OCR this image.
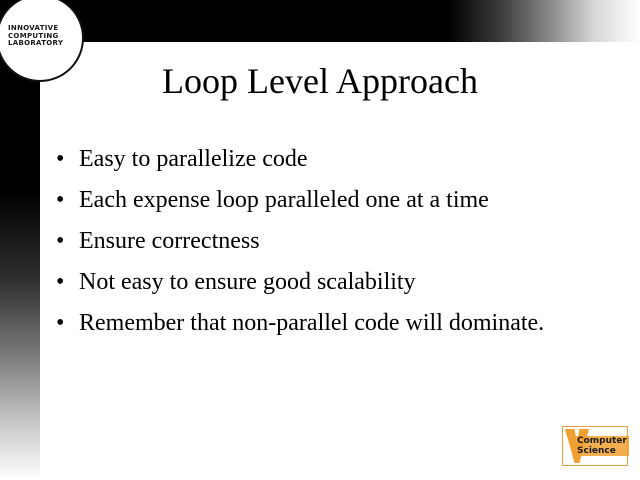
INNOVATIVE
COMPUTING
LABORATORY
Loop Level Approach
• Easy to parallelize code
• Each expense loop paralleled one at a time
• Ensure correctness
• Not easy to ensure good scalability
• Remember that non-parallel code will dominate.
Computer
Science
